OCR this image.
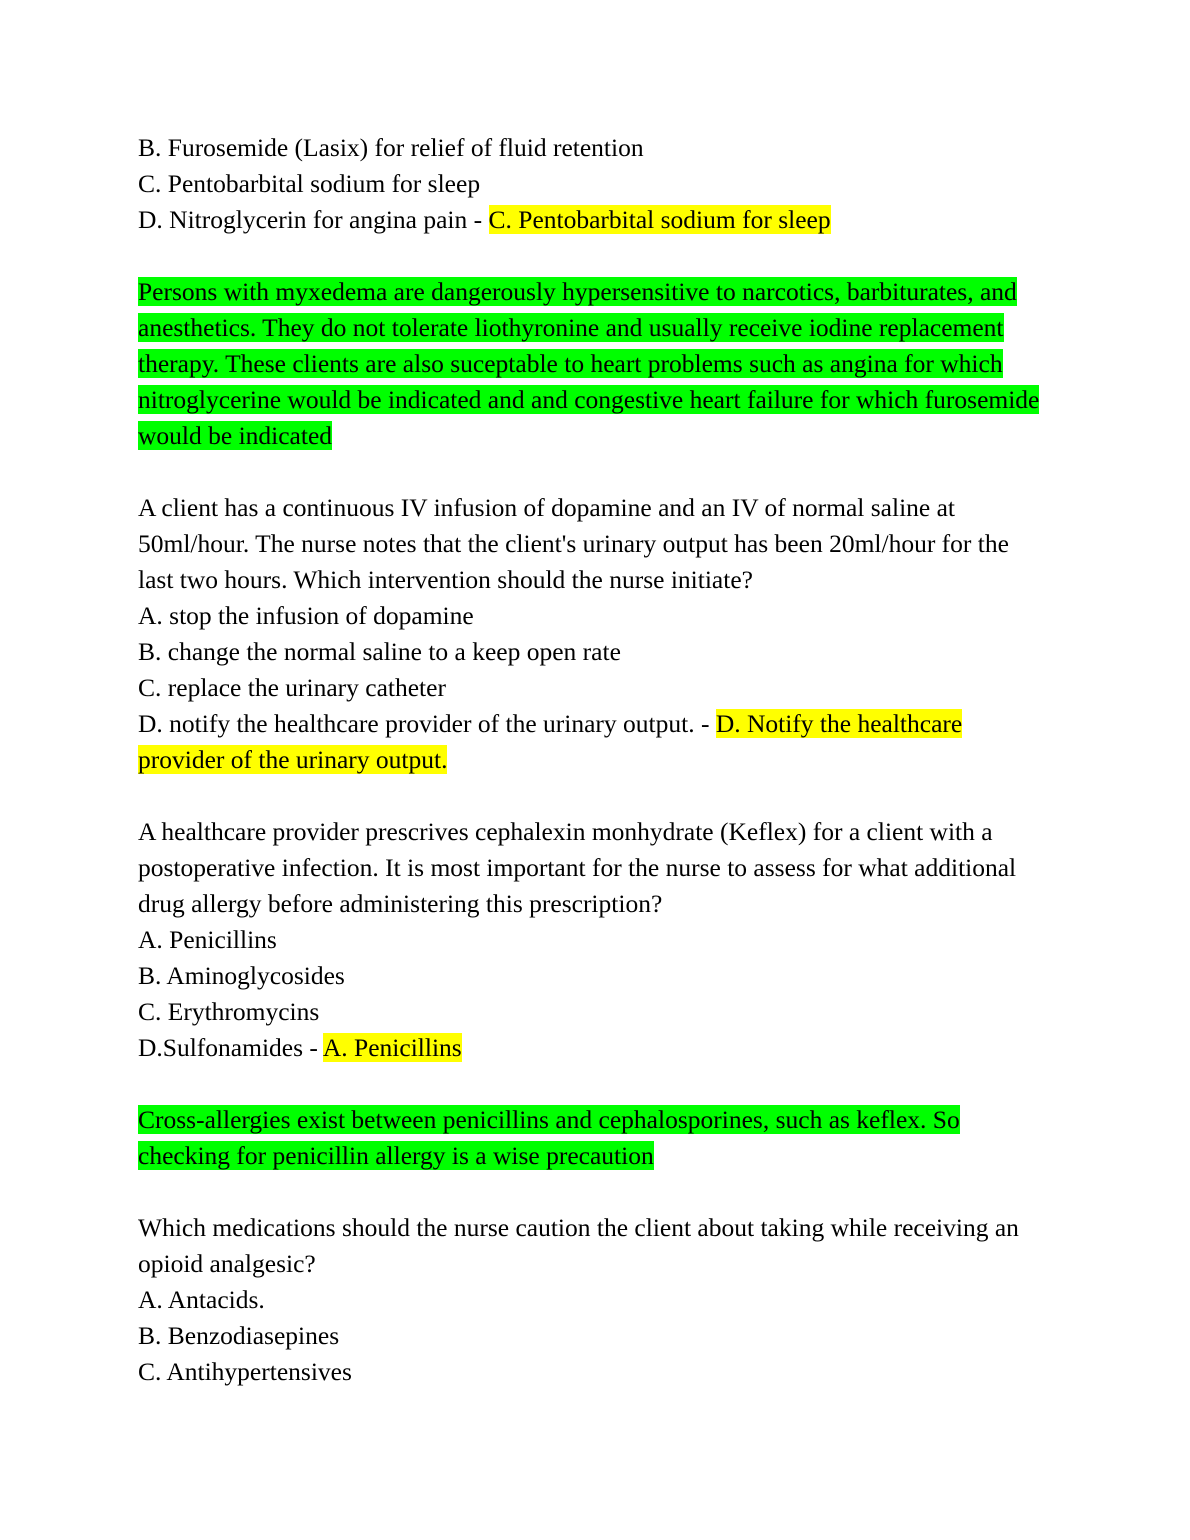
B. Furosemide (Lasix) for relief of fluid retention
C. Pentobarbital sodium for sleep
D. Nitroglycerin for angina pain - C. Pentobarbital sodium for sleep
Persons with myxedema are dangerously hypersensitive to narcotics, barbiturates, and anesthetics. They do not tolerate liothyronine and usually receive iodine replacement therapy. These clients are also suceptable to heart problems such as angina for which nitroglycerine would be indicated and and congestive heart failure for which furosemide would be indicated
A client has a continuous IV infusion of dopamine and an IV of normal saline at 50ml/hour. The nurse notes that the client's urinary output has been 20ml/hour for the last two hours. Which intervention should the nurse initiate?
A. stop the infusion of dopamine
B. change the normal saline to a keep open rate
C. replace the urinary catheter
D. notify the healthcare provider of the urinary output. - D. Notify the healthcare provider of the urinary output.
A healthcare provider prescrives cephalexin monhydrate (Keflex) for a client with a postoperative infection. It is most important for the nurse to assess for what additional drug allergy before administering this prescription?
A. Penicillins
B. Aminoglycosides
C. Erythromycins
D.Sulfonamides - A. Penicillins
Cross-allergies exist between penicillins and cephalosporines, such as keflex. So checking for penicillin allergy is a wise precaution
Which medications should the nurse caution the client about taking while receiving an opioid analgesic?
A. Antacids.
B. Benzodiasepines
C. Antihypertensives
